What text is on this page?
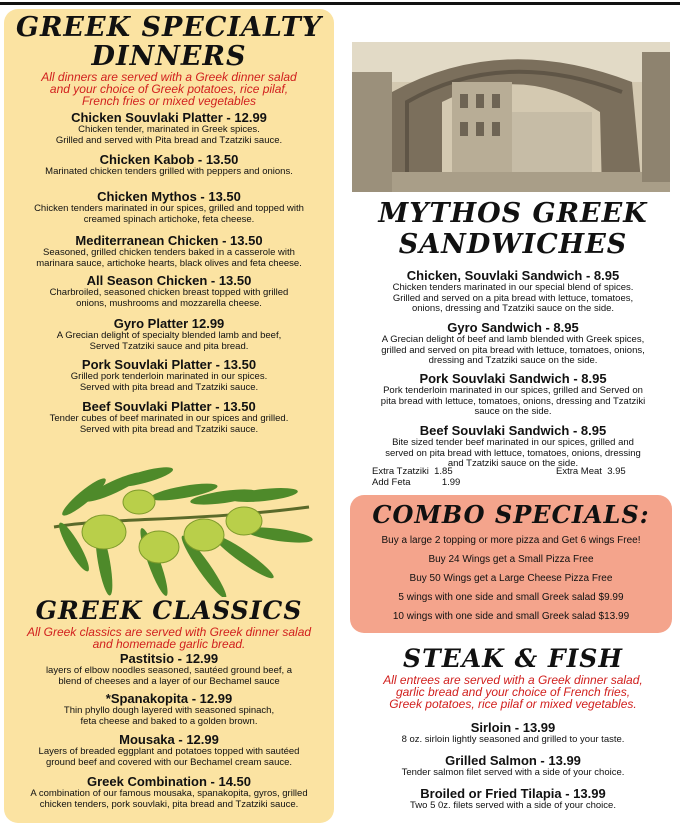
GREEK SPECIALTY
DINNERS

All dinners are served with a Greek dinner salad

and your choice of Greek potatoes, rice pilaf,

French fries or mixed vegetables

Chicken Souvlaki Platter - 12.99
Chicken tender, marinated in Greek spices.
Grilled and served with Pita bread and Tzatziki sauce.
Chicken Kabob - 13.50
Marinated chicken tenders grilled with peppers and onions.
Chicken Mythos - 13.50
Chicken tenders marinated in our spices, grilled and topped with
creamed spinach artichoke, feta cheese.
Mediterranean Chicken - 13.50
Seasoned, grilled chicken tenders baked in a casserole with
marinara sauce, artichoke hearts, black olives and feta cheese.
All Season Chicken - 13.50
Charbroiled, seasoned chicken breast topped with grilled
onions, mushrooms and mozzarella cheese.
Gyro Platter 12.99
A Grecian delight of specialty blended lamb and beef,
Served Tzatziki sauce and pita bread.
Pork Souvlaki Platter - 13.50
Grilled pork tenderloin marinated in our spices.
Served with pita bread and Tzatziki sauce.
Beef Souvlaki Platter - 13.50
Tender cubes of beef marinated in our spices and grilled.
Served with pita bread and Tzatziki sauce.
GREEK CLASSICS

All Greek classics are served with Greek dinner salad

and homemade garlic bread.

Pastitsio - 12.99
layers of elbow noodles seasoned, sautéed ground beef, a
blend of cheeses and a layer of our Bechamel sauce
*Spanakopita - 12.99
Thin phyllo dough layered with seasoned spinach,
feta cheese and baked to a golden brown.
Mousaka - 12.99
Layers of breaded eggplant and potatoes topped with sautéed
ground beef and covered with our Bechamel cream sauce.
Greek Combination - 14.50
A combination of our famous mousaka, spanakopita, gyros, grilled
chicken tenders, pork souvlaki, pita bread and Tzatziki sauce.
MYTHOS GREEK
SANDWICHES
Chicken, Souvlaki Sandwich - 8.95
Chicken tenders marinated in our special blend of spices.
Grilled and served on a pita bread with lettuce, tomatoes,
onions, dressing and Tzatziki sauce on the side.
Gyro Sandwich - 8.95
A Grecian delight of beef and lamb blended with Greek spices,
grilled and served on pita bread with lettuce, tomatoes, onions,
dressing and Tzatziki sauce on the side.
Pork Souvlaki Sandwich - 8.95
Pork tenderloin marinated in our spices, grilled and Served on
pita bread with lettuce, tomatoes, onions, dressing and Tzatziki
sauce on the side.
Beef Souvlaki Sandwich - 8.95
Bite sized tender beef marinated in our spices, grilled and
served on pita bread with lettuce, tomatoes, onions, dressing
and Tzatziki sauce on the side.
Extra Tzatziki 1.85	Extra Meat 3.95
Add Feta	1.99
COMBO SPECIALS:
Buy a large 2 topping or more pizza and Get 6 wings Free!
Buy 24 Wings get a Small Pizza Free
Buy 50 Wings get a Large Cheese Pizza Free
5 wings with one side and small Greek salad $9.99
10 wings with one side and small Greek salad $13.99
STEAK & FISH

All entrees are served with a Greek dinner salad,

garlic bread and your choice of French fries,

Greek potatoes, rice pilaf or mixed vegetables.

Sirloin - 13.99
8 oz. sirloin lightly seasoned and grilled to your taste.
Grilled Salmon - 13.99
Tender salmon filet served with a side of your choice.
Broiled or Fried Tilapia - 13.99
Two 5 0z. filets served with a side of your choice.
